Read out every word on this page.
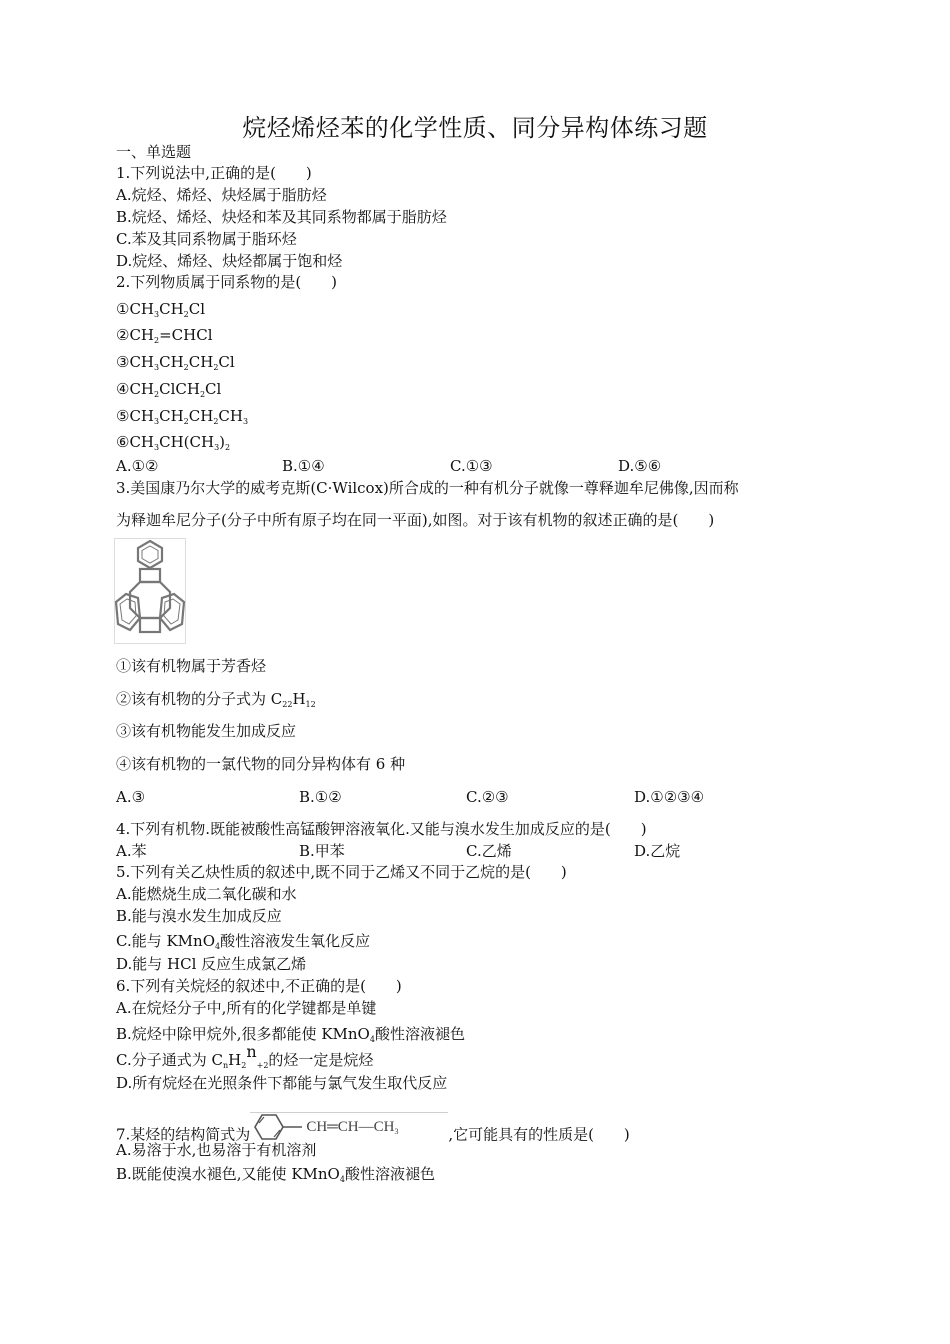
烷烃烯烃苯的化学性质、同分异构体练习题
一、单选题
1.下列说法中,正确的是(　　)
A.烷烃、烯烃、炔烃属于脂肪烃
B.烷烃、烯烃、炔烃和苯及其同系物都属于脂肪烃
C.苯及其同系物属于脂环烃
D.烷烃、烯烃、炔烃都属于饱和烃
2.下列物质属于同系物的是(　　)
$①CH_3CH_2Cl$
$②CH_2=CHCl$
$③CH_3CH_2CH_2Cl$
$④CH_2ClCH_2Cl$
$⑤CH_3CH_2CH_2CH_3$
$⑥CH_3CH(CH_3)_2$
A.①②	B.①④	C.①③	D.⑤⑥
3.美国康乃尔大学的威考克斯(C·Wilcox)所合成的一种有机分子就像一尊释迦牟尼佛像,因而称
为释迦牟尼分子(分子中所有原子均在同一平面),如图。对于该有机物的叙述正确的是(　　)
①该有机物属于芳香烃
②该有机物的分子式为 $C_{22}H_{12}$
③该有机物能发生加成反应
④该有机物的一氯代物的同分异构体有 6 种
A.③	B.①②	C.②③	D.①②③④
4.下列有机物.既能被酸性高锰酸钾溶液氧化.又能与溴水发生加成反应的是(　　)
A.苯	B.甲苯	C.乙烯	D.乙烷
5.下列有关乙炔性质的叙述中,既不同于乙烯又不同于乙烷的是(　　)
A.能燃烧生成二氧化碳和水
B.能与溴水发生加成反应
C.能与 KMnO$_4$酸性溶液发生氧化反应
D.能与 HCl 反应生成氯乙烯
6.下列有关烷烃的叙述中,不正确的是(　　)
A.在烷烃分子中,所有的化学键都是单键
B.烷烃中除甲烷外,很多都能使 KMnO$_4$酸性溶液褪色
C.分子通式为 $C_nH_2n_{+2}$的烃一定是烷烃
D.所有烷烃在光照条件下都能与氯气发生取代反应
7.某烃的结构简式为	$CH═CH—CH_3$	,它可能具有的性质是(　　)
A.易溶于水,也易溶于有机溶剂
B.既能使溴水褪色,又能使 KMnO$_4$酸性溶液褪色
